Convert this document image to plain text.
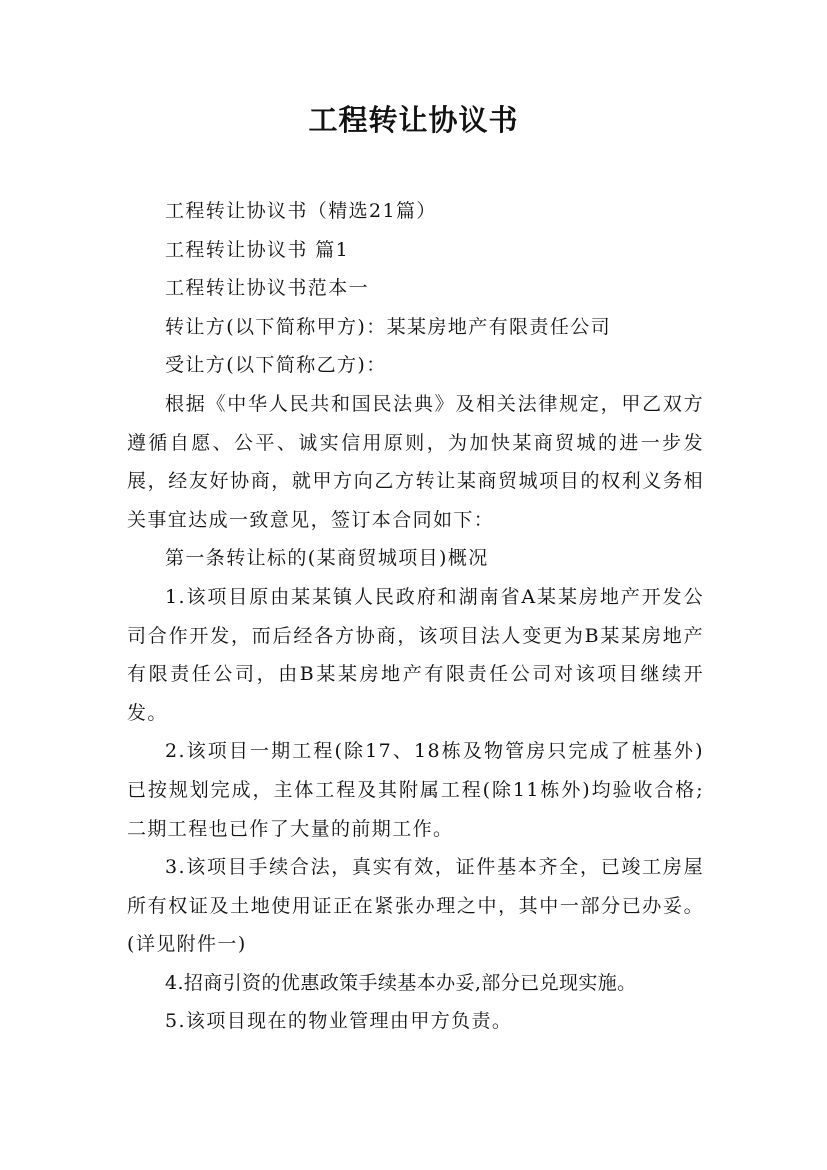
工程转让协议书

工程转让协议书（精选21篇）

工程转让协议书 篇1

工程转让协议书范本一

转让方(以下简称甲方)：某某房地产有限责任公司

受让方(以下简称乙方)：

根据《中华人民共和国民法典》及相关法律规定，甲乙双方遵循自愿、公平、诚实信用原则，为加快某商贸城的进一步发展，经友好协商，就甲方向乙方转让某商贸城项目的权利义务相关事宜达成一致意见，签订本合同如下：

第一条转让标的(某商贸城项目)概况

1.该项目原由某某镇人民政府和湖南省A某某房地产开发公司合作开发，而后经各方协商，该项目法人变更为B某某房地产有限责任公司，由B某某房地产有限责任公司对该项目继续开发。

2.该项目一期工程(除17、18栋及物管房只完成了桩基外)已按规划完成，主体工程及其附属工程(除11栋外)均验收合格;二期工程也已作了大量的前期工作。

3.该项目手续合法，真实有效，证件基本齐全，已竣工房屋所有权证及土地使用证正在紧张办理之中，其中一部分已办妥。(详见附件一)

4.招商引资的优惠政策手续基本办妥,部分已兑现实施。

5.该项目现在的物业管理由甲方负责。
